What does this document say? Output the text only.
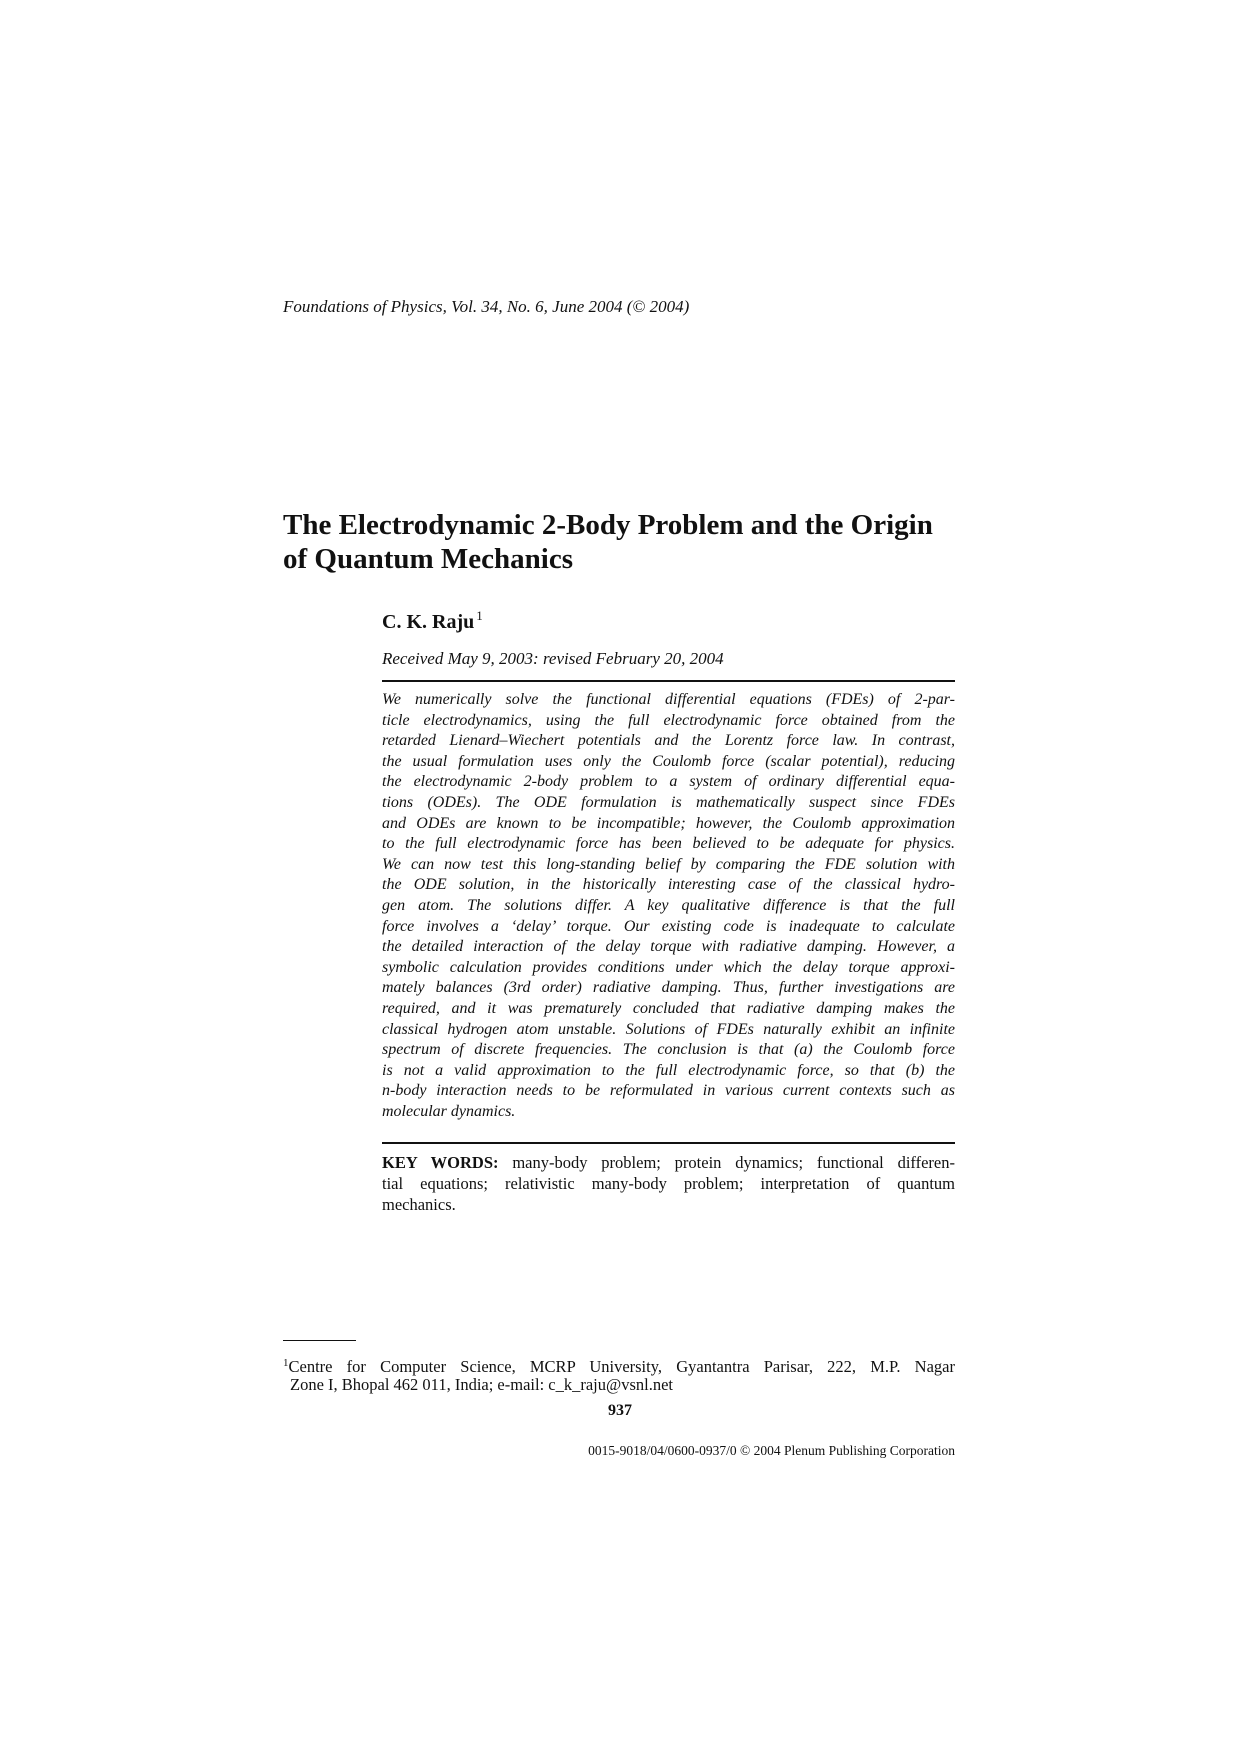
Foundations of Physics, Vol. 34, No. 6, June 2004 (© 2004)
The Electrodynamic 2-Body Problem and the Origin
of Quantum Mechanics
C. K. Raju $^1$
Received May 9, 2003: revised February 20, 2004
We numerically solve the functional differential equations (FDEs) of 2-par-
ticle electrodynamics, using the full electrodynamic force obtained from the
retarded Lienard–Wiechert potentials and the Lorentz force law. In contrast,
the usual formulation uses only the Coulomb force (scalar potential), reducing
the electrodynamic 2-body problem to a system of ordinary differential equa-
tions (ODEs). The ODE formulation is mathematically suspect since FDEs
and ODEs are known to be incompatible; however, the Coulomb approximation
to the full electrodynamic force has been believed to be adequate for physics.
We can now test this long-standing belief by comparing the FDE solution with
the ODE solution, in the historically interesting case of the classical hydro-
gen atom. The solutions differ. A key qualitative difference is that the full
force involves a ‘delay’ torque. Our existing code is inadequate to calculate
the detailed interaction of the delay torque with radiative damping. However, a
symbolic calculation provides conditions under which the delay torque approxi-
mately balances (3rd order) radiative damping. Thus, further investigations are
required, and it was prematurely concluded that radiative damping makes the
classical hydrogen atom unstable. Solutions of FDEs naturally exhibit an infinite
spectrum of discrete frequencies. The conclusion is that (a) the Coulomb force
is not a valid approximation to the full electrodynamic force, so that (b) the
n-body interaction needs to be reformulated in various current contexts such as
molecular dynamics.
KEY WORDS: many-body problem; protein dynamics; functional differen-
tial equations; relativistic many-body problem; interpretation of quantum
mechanics.
$^1$Centre for Computer Science, MCRP University, Gyantantra Parisar, 222, M.P. Nagar
Zone I, Bhopal 462 011, India; e-mail: c_k_raju@vsnl.net
937
0015-9018/04/0600-0937/0 © 2004 Plenum Publishing Corporation
